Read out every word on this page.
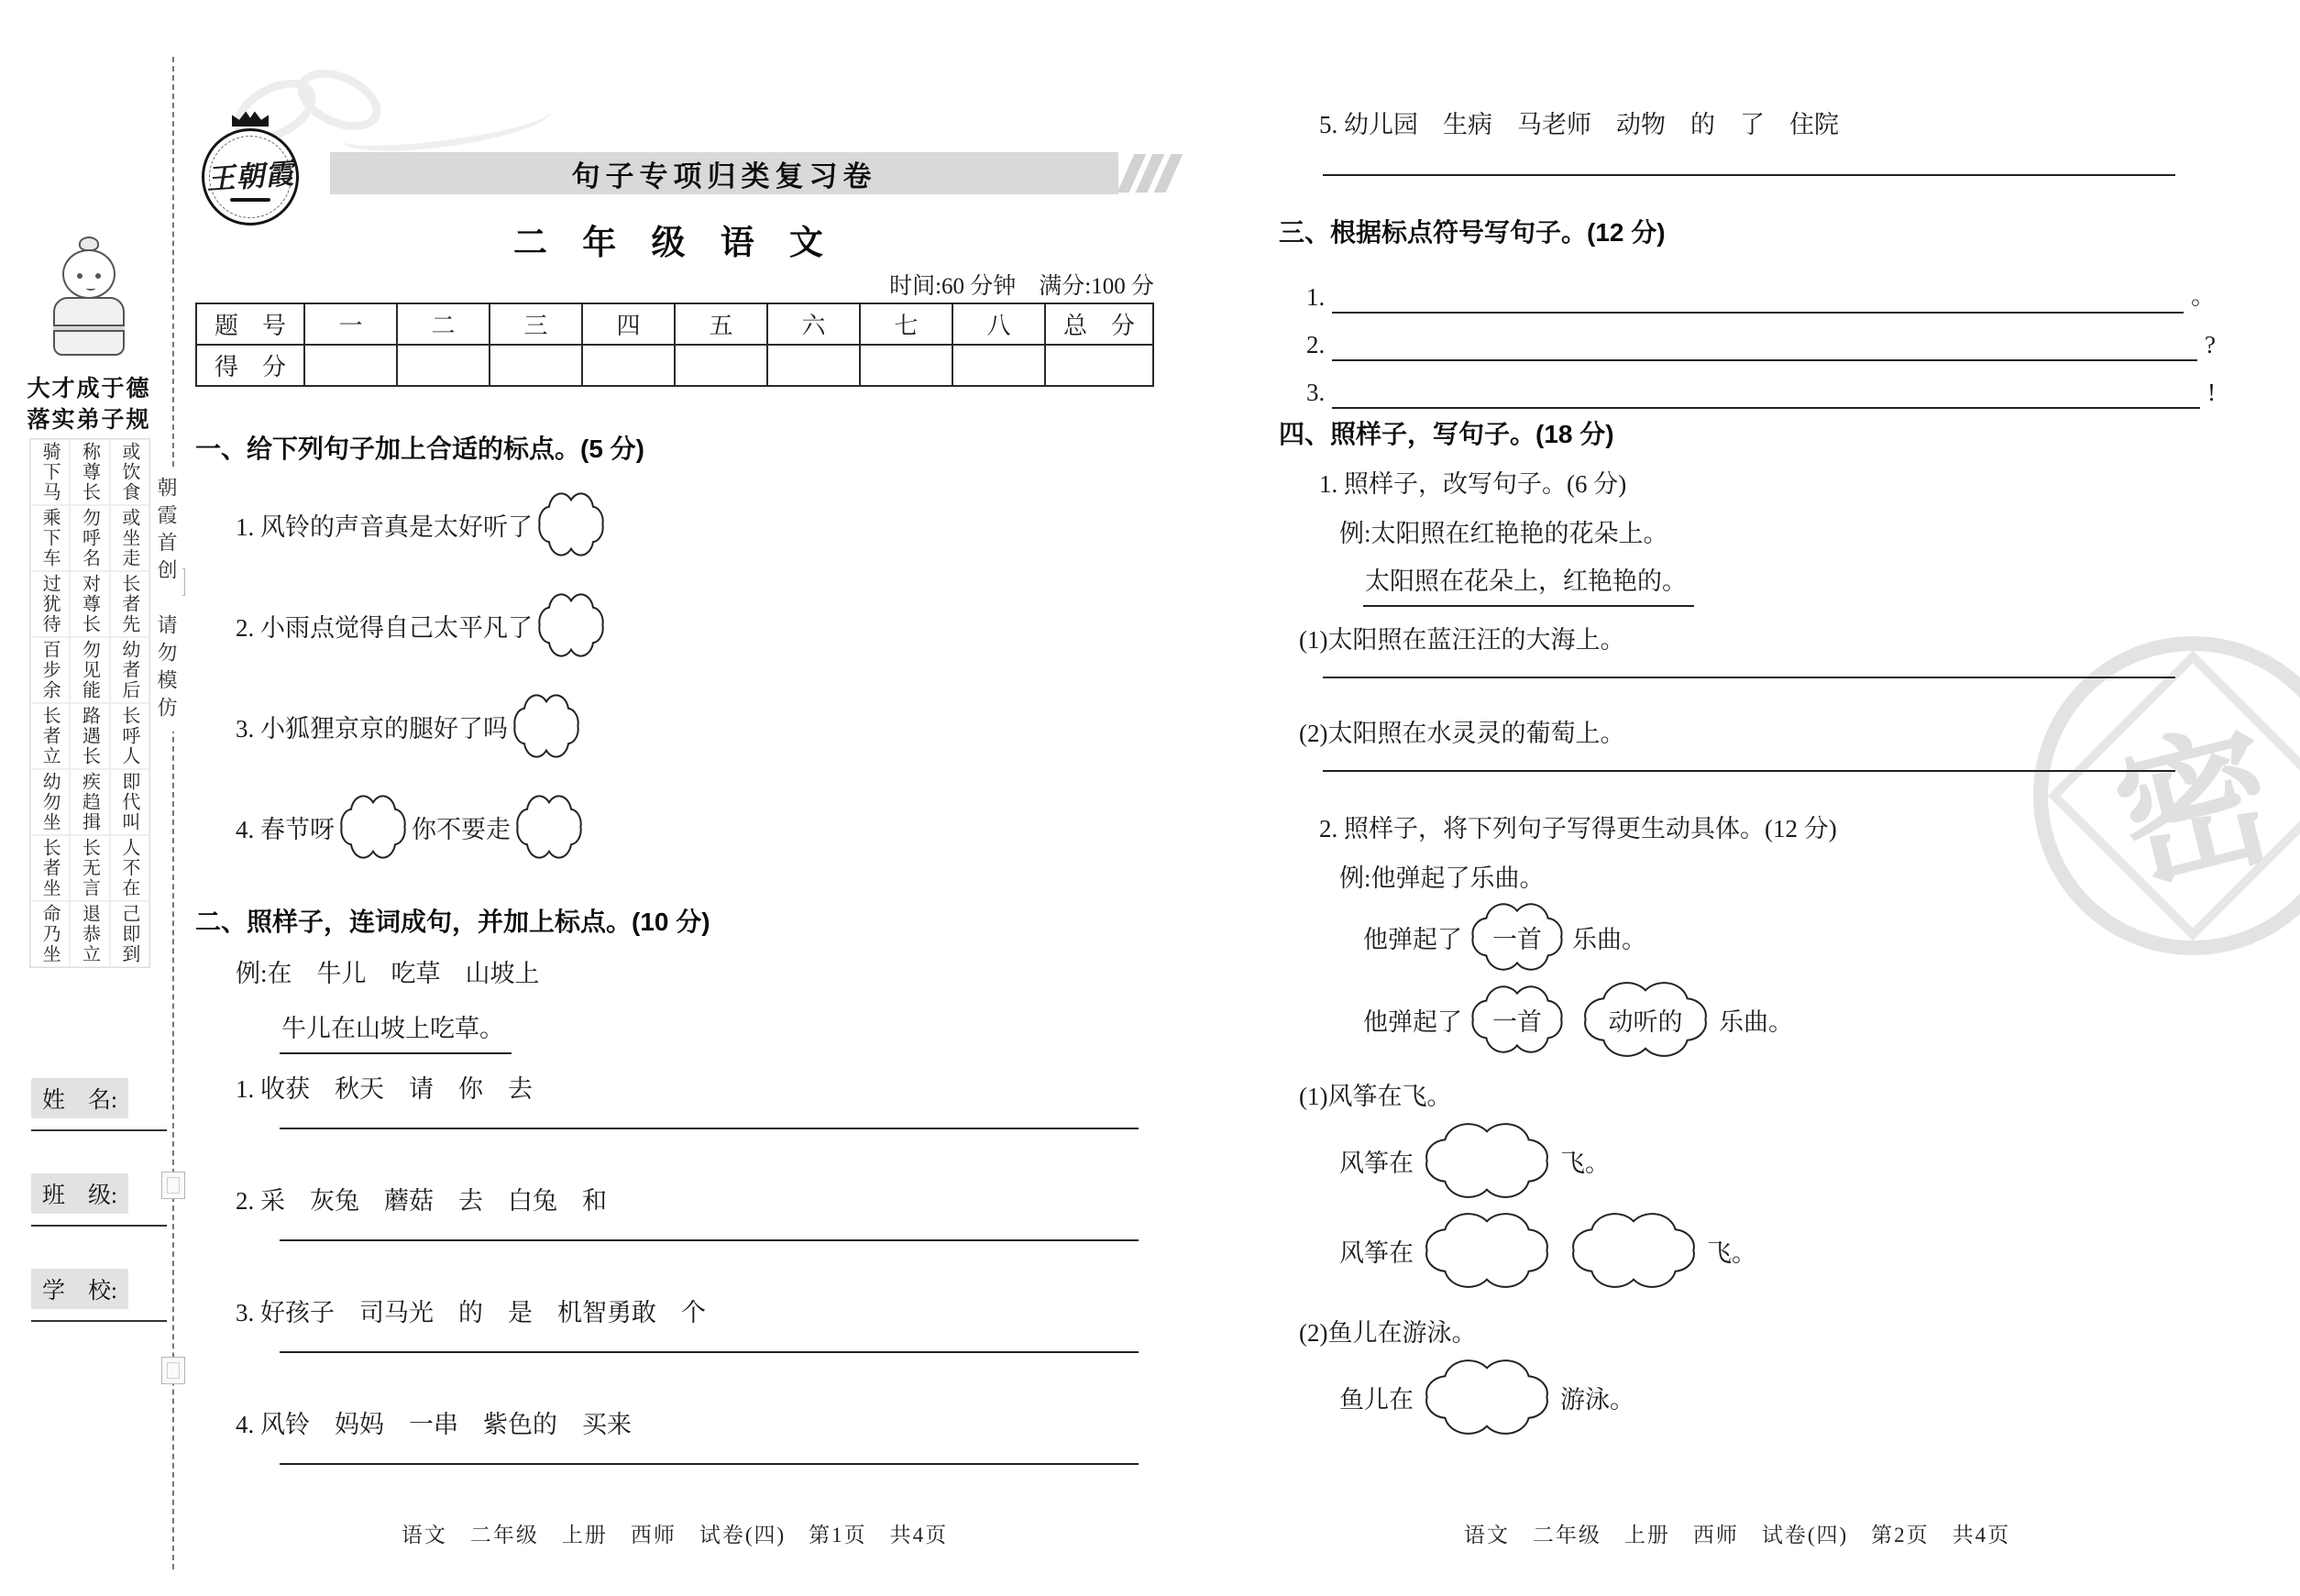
密
朝霞首创　请勿模仿
大才成于德
落实弟子规
骑下马	称尊长	或饮食
乘下车	勿呼名	或坐走
过犹待	对尊长	长者先
百步余	勿见能	幼者后
长者立	路遇长	长呼人
幼勿坐	疾趋揖	即代叫
长者坐	长无言	人不在
命乃坐	退恭立	己即到
姓　名:
班　级:
学　校:
王朝霞	句子专项归类复习卷
二 年 级 语 文
时间:60 分钟　满分:100 分
题　号	一	二	三	四	五	六	七	八	总　分
得　分									
一、给下列句子加上合适的标点。(5 分)
1. 风铃的声音真是太好听了
2. 小雨点觉得自己太平凡了
3. 小狐狸京京的腿好了吗
4. 春节呀	你不要走
二、照样子，连词成句，并加上标点。(10 分)
例:在　牛儿　吃草　山坡上
牛儿在山坡上吃草。
1. 收获　秋天　请　你　去
2. 采　灰兔　蘑菇　去　白兔　和
3. 好孩子　司马光　的　是　机智勇敢　个
4. 风铃　妈妈　一串　紫色的　买来
语文　二年级　上册　西师　试卷(四)　第1页　共4页
5. 幼儿园　生病　马老师　动物　的　了　住院
三、根据标点符号写句子。(12 分)
1.	。
2.	?
3.	!
四、照样子，写句子。(18 分)
1. 照样子，改写句子。(6 分)
例:太阳照在红艳艳的花朵上。
太阳照在花朵上，红艳艳的。
(1)太阳照在蓝汪汪的大海上。
(2)太阳照在水灵灵的葡萄上。
2. 照样子，将下列句子写得更生动具体。(12 分)
例:他弹起了乐曲。
他弹起了 一首 乐曲。
他弹起了 一首	动听的 乐曲。
(1)风筝在飞。
风筝在	飞。
风筝在	飞。
(2)鱼儿在游泳。
鱼儿在	游泳。
语文　二年级　上册　西师　试卷(四)　第2页　共4页
